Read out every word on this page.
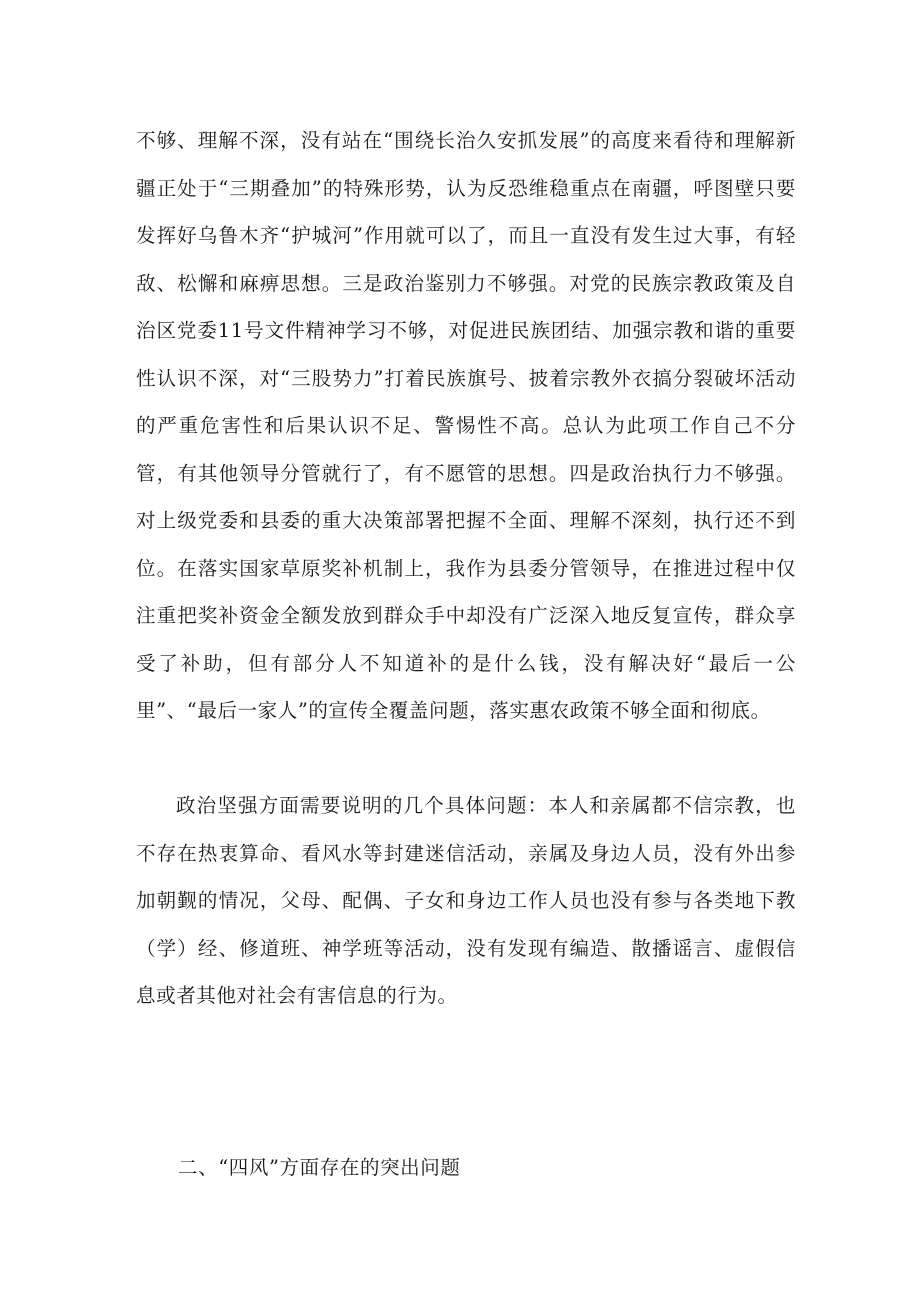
不够、理解不深，没有站在“围绕长治久安抓发展”的高度来看待和理解新疆正处于“三期叠加”的特殊形势，认为反恐维稳重点在南疆，呼图壁只要发挥好乌鲁木齐“护城河”作用就可以了，而且一直没有发生过大事，有轻敌、松懈和麻痹思想。三是政治鉴别力不够强。对党的民族宗教政策及自治区党委11号文件精神学习不够，对促进民族团结、加强宗教和谐的重要性认识不深，对“三股势力”打着民族旗号、披着宗教外衣搞分裂破坏活动的严重危害性和后果认识不足、警惕性不高。总认为此项工作自己不分管，有其他领导分管就行了，有不愿管的思想。四是政治执行力不够强。对上级党委和县委的重大决策部署把握不全面、理解不深刻，执行还不到位。在落实国家草原奖补机制上，我作为县委分管领导，在推进过程中仅注重把奖补资金全额发放到群众手中却没有广泛深入地反复宣传，群众享受了补助，但有部分人不知道补的是什么钱，没有解决好“最后一公里”、“最后一家人”的宣传全覆盖问题，落实惠农政策不够全面和彻底。

政治坚强方面需要说明的几个具体问题：本人和亲属都不信宗教，也不存在热衷算命、看风水等封建迷信活动，亲属及身边人员，没有外出参加朝觐的情况，父母、配偶、子女和身边工作人员也没有参与各类地下教（学）经、修道班、神学班等活动，没有发现有编造、散播谣言、虚假信息或者其他对社会有害信息的行为。

二、“四风”方面存在的突出问题
